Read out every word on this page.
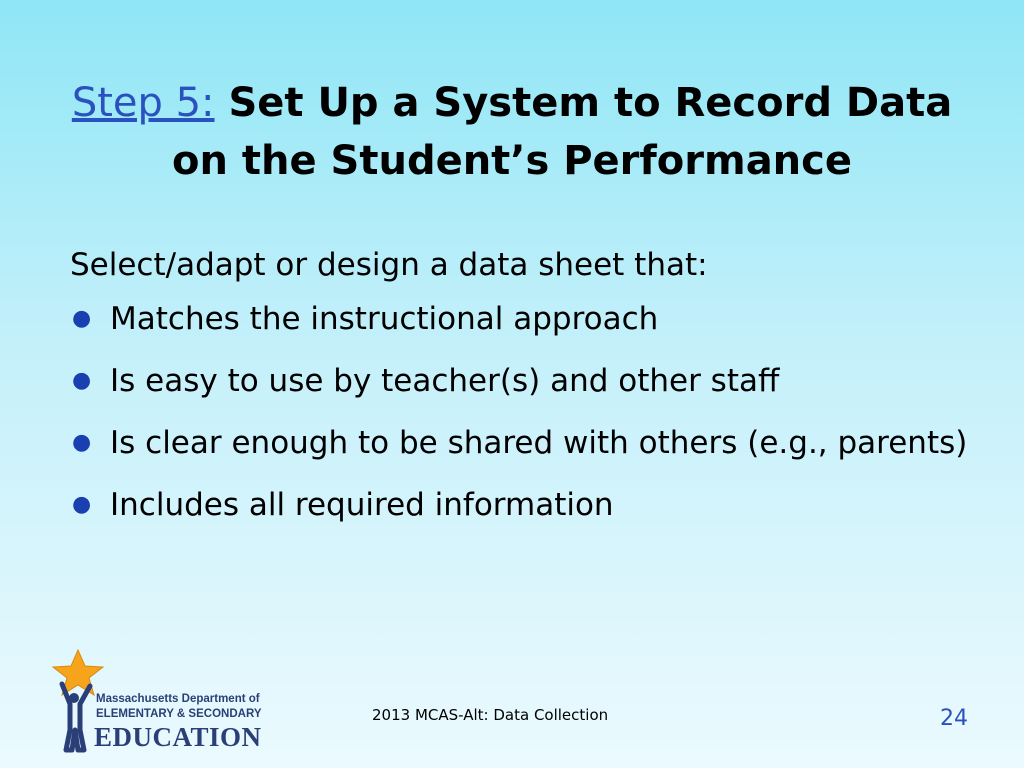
Step 5: Set Up a System to Record Data on the Student’s Performance
Select/adapt or design a data sheet that:
● Matches the instructional approach
● Is easy to use by teacher(s) and other staff
● Is clear enough to be shared with others (e.g., parents)
● Includes all required information
Massachusetts Department of
ELEMENTARY & SECONDARY
EDUCATION
2013 MCAS-Alt: Data Collection	24
